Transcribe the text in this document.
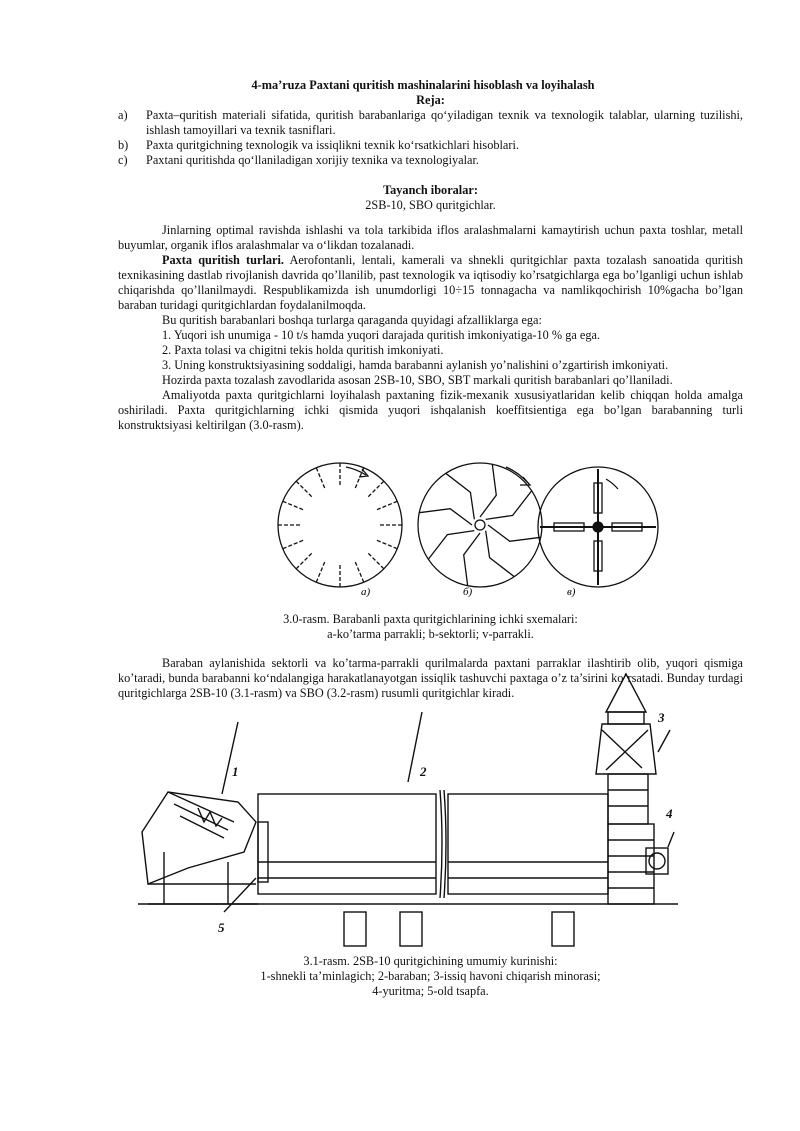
4-ma’ruza Paxtani quritish mashinalarini hisoblash va loyihalash
Reja:
a) Paxta–quritish materiali sifatida, quritish barabanlariga qo‘yiladigan texnik va texnologik talablar, ularning tuzilishi, ishlash tamoyillari va texnik tasniflari.
b) Paxta quritgichning texnologik va issiqlikni texnik ko‘rsatkichlari hisoblari.
c) Paxtani quritishda qo‘llaniladigan xorijiy texnika va texnologiyalar.
Tayanch iboralar:
2SB-10, SBO quritgichlar.

Jinlarning optimal ravishda ishlashi va tola tarkibida iflos aralashmalarni kamaytirish uchun paxta toshlar, metall buyumlar, organik iflos aralashmalar va o‘likdan tozalanadi.

Paxta quritish turlari. Aerofontanli, lentali, kamerali va shnekli quritgichlar paxta tozalash sanoatida quritish texnikasining dastlab rivojlanish davrida qo’llanilib, past texnologik va iqtisodiy ko’rsatgichlarga ega bo’lganligi uchun ishlab chiqarishda qo’llanilmaydi. Respublikamizda ish unumdorligi 10÷15 tonnagacha va namlikqochirish 10%gacha bo’lgan baraban turidagi quritgichlardan foydalanilmoqda.

Bu quritish barabanlari boshqa turlarga qaraganda quyidagi afzalliklarga ega:

1. Yuqori ish unumiga - 10 t/s hamda yuqori darajada quritish imkoniyatiga-10 % ga ega.

2. Paxta tolasi va chigitni tekis holda quritish imkoniyati.

3. Uning konstruktsiyasining soddaligi, hamda barabanni aylanish yo’nalishini o’zgartirish imkoniyati.

Hozirda paxta tozalash zavodlarida asosan 2SB-10, SBO, SBT markali quritish barabanlari qo’llaniladi.

Amaliyotda paxta quritgichlarni loyihalash paxtaning fizik-mexanik xususiyatlaridan kelib chiqqan holda amalga oshiriladi. Paxta quritgichlarning ichki qismida yuqori ishqalanish koeffitsientiga ega bo’lgan barabanning turli konstruktsiyasi keltirilgan (3.0-rasm).

a)	б)	в)
3.0-rasm. Barabanli paxta quritgichlarining ichki sxemalari:
a-ko’tarma parrakli; b-sektorli; v-parrakli.

Baraban aylanishida sektorli va ko’tarma-parrakli qurilmalarda paxtani parraklar ilashtirib olib, yuqori qismiga ko’taradi, bunda barabanni ko‘ndalangiga harakatlanayotgan issiqlik tashuvchi paxtaga o’z ta’sirini ko’rsatadi. Bunday turdagi quritgichlarga 2SB-10 (3.1-rasm) va SBO (3.2-rasm) rusumli quritgichlar kiradi.

1	2
3
4
5
3.1-rasm. 2SB-10 quritgichining umumiy kurinishi:
1-shnekli ta’minlagich; 2-baraban; 3-issiq havoni chiqarish minorasi;
4-yuritma; 5-old tsapfa.
